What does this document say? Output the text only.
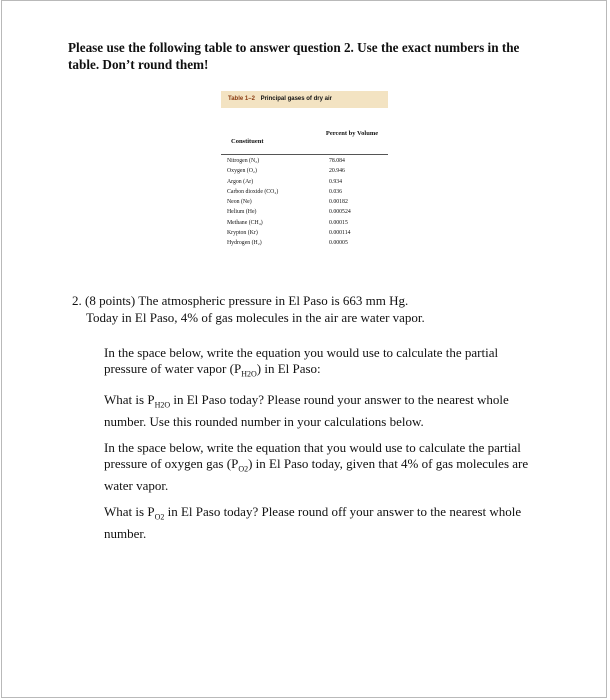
Please use the following table to answer question 2. Use the exact numbers in the table. Don’t round them!
Table 1–2 Principal gases of dry air
Constituent
Percent by Volume
Nitrogen (N₂)	78.084
Oxygen (O₂)	20.946
Argon (Ar)	0.934
Carbon dioxide (CO₂)	0.036
Neon (Ne)	0.00182
Helium (He)	0.000524
Methane (CH₄)	0.00015
Krypton (Kr)	0.000114
Hydrogen (H₂)	0.00005
2. (8 points) The atmospheric pressure in El Paso is 663 mm Hg.
Today in El Paso, 4% of gas molecules in the air are water vapor.
In the space below, write the equation you would use to calculate the partial pressure of water vapor $(P_{H2O})$ in El Paso:
What is $P_{H2O}$ in El Paso today? Please round your answer to the nearest whole number. Use this rounded number in your calculations below.
In the space below, write the equation that you would use to calculate the partial pressure of oxygen gas $(P_{O2})$ in El Paso today, given that 4% of gas molecules are water vapor.
What is $P_{O2}$ in El Paso today? Please round off your answer to the nearest whole number.
